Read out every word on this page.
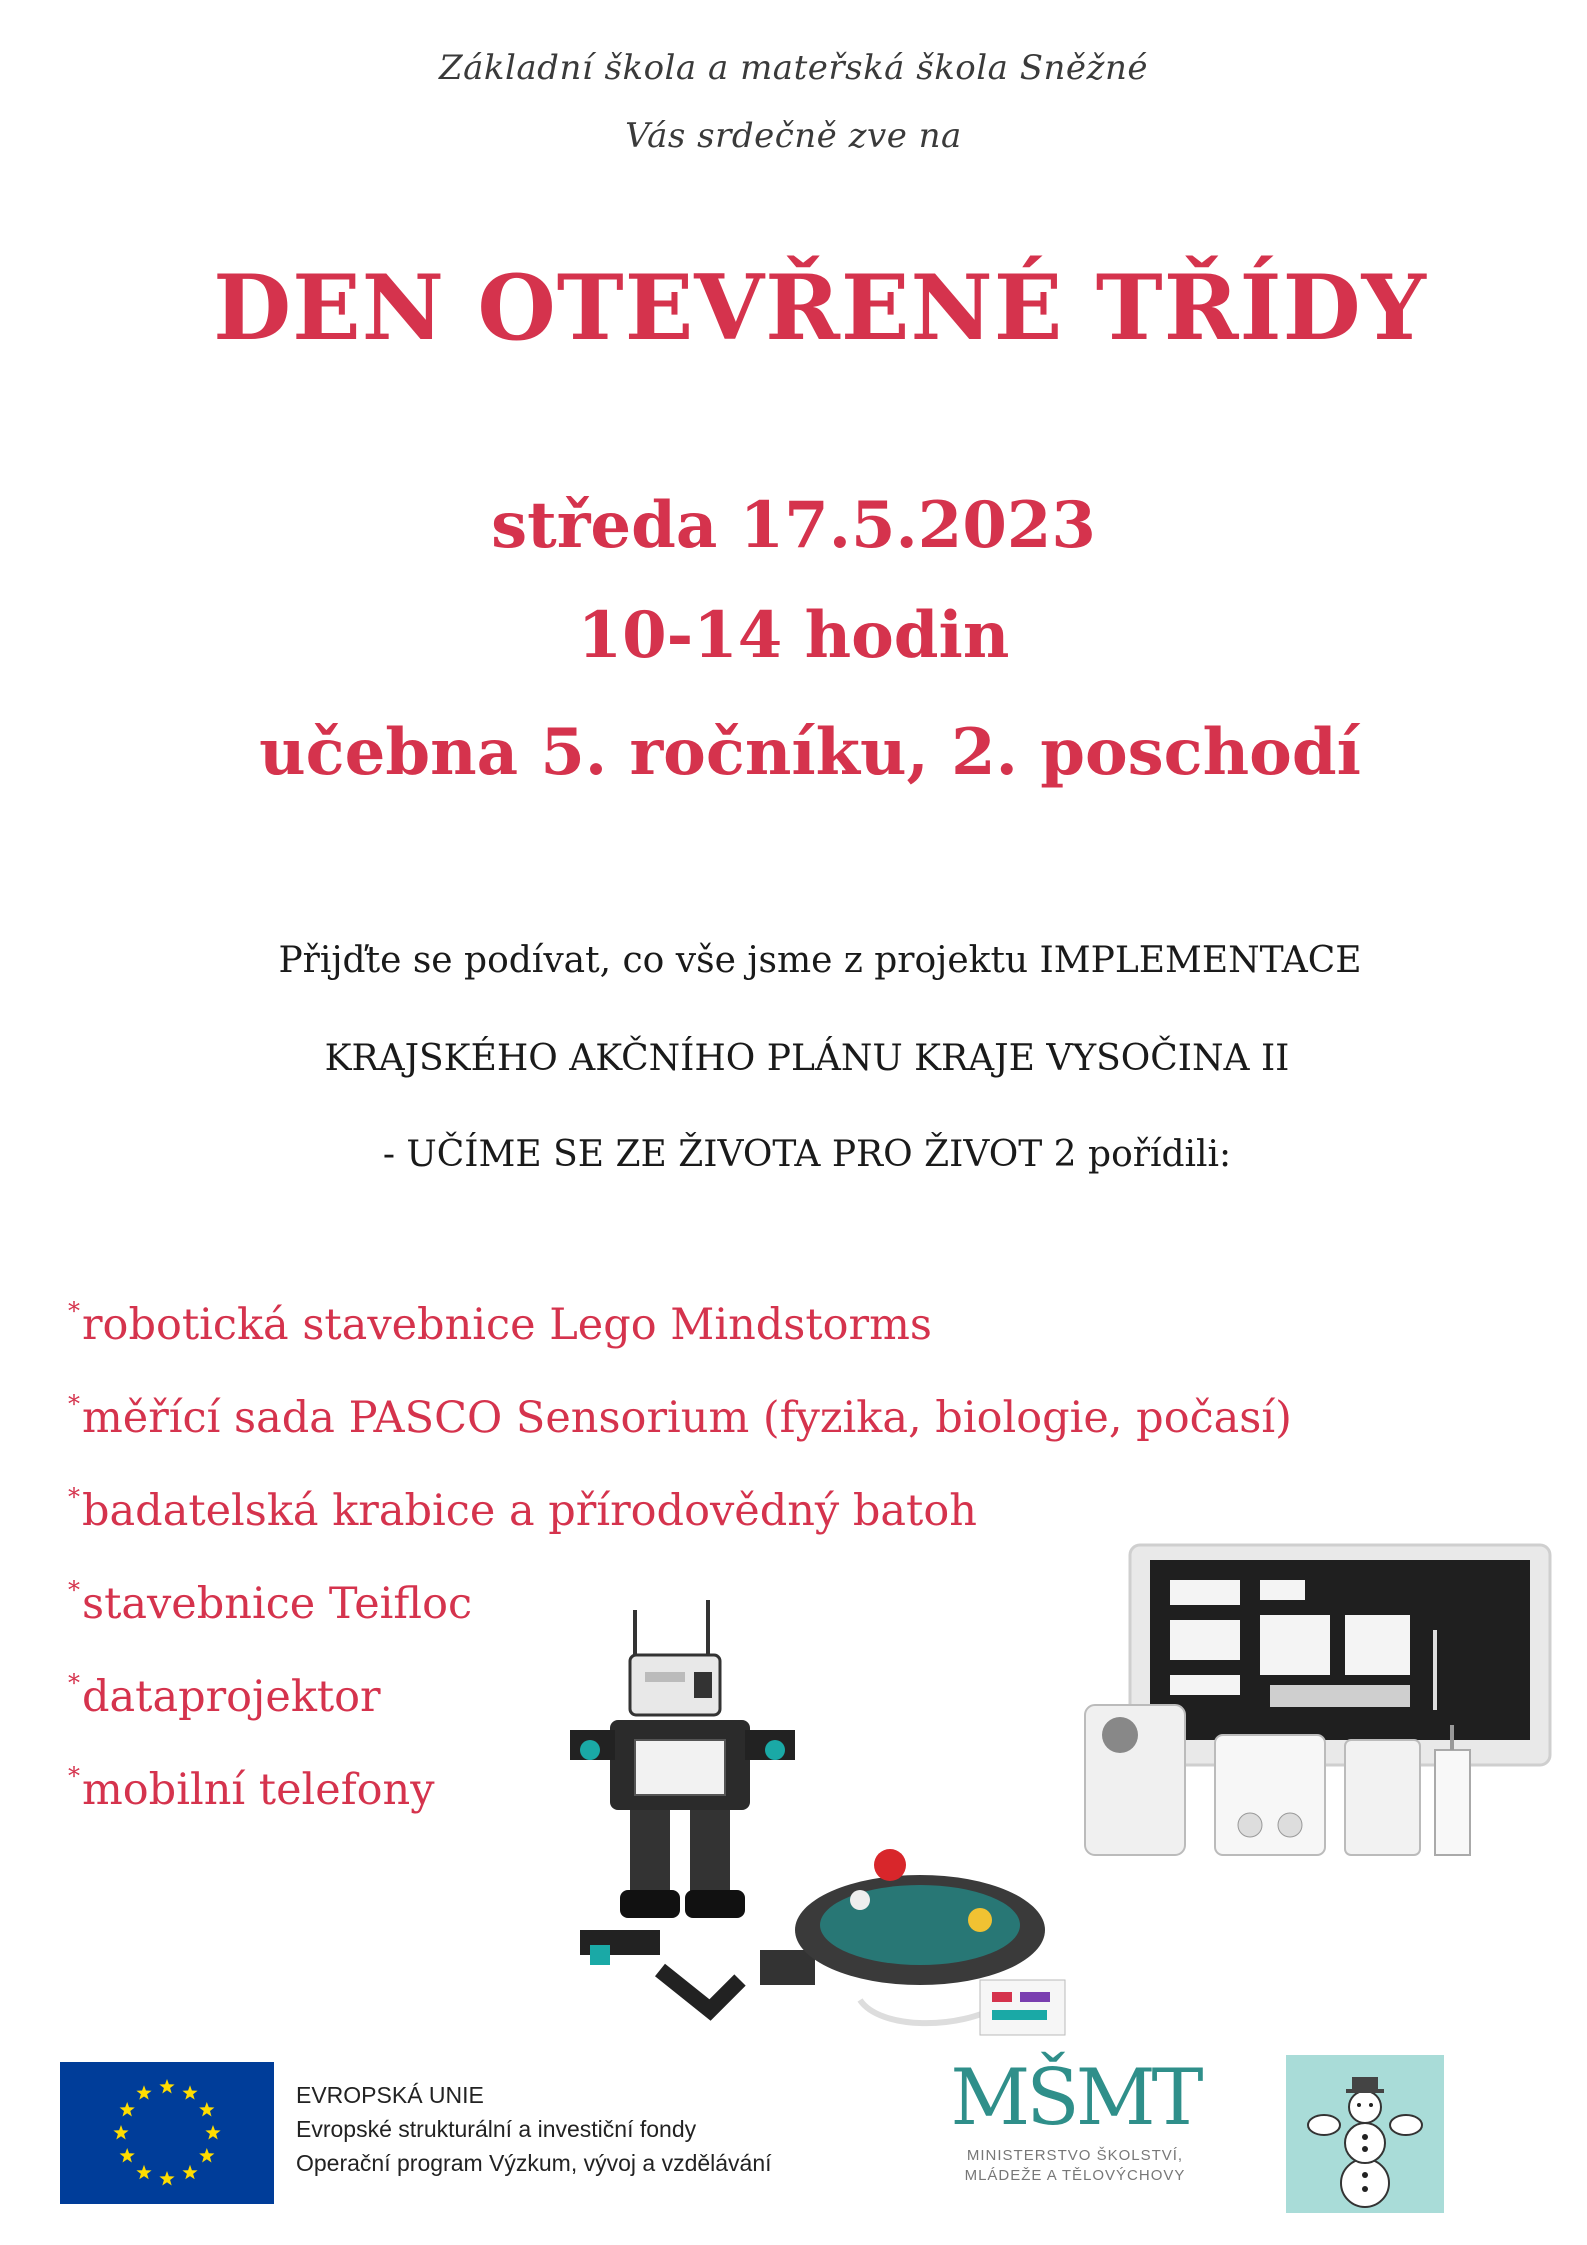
Základní škola a mateřská škola Sněžné
Vás srdečně zve na
DEN OTEVŘENÉ TŘÍDY
středa 17.5.2023
10-14 hodin
učebna 5. ročníku, 2. poschodí
Přijďte se podívat, co vše jsme z projektu IMPLEMENTACE
KRAJSKÉHO AKČNÍHO PLÁNU KRAJE VYSOČINA II
- UČÍME SE ZE ŽIVOTA PRO ŽIVOT 2 pořídili:
*robotická stavebnice Lego Mindstorms
*měřící sada PASCO Sensorium (fyzika, biologie, počasí)
*badatelská krabice a přírodovědný batoh
*stavebnice Teifloc
*dataprojektor
*mobilní telefony
EVROPSKÁ UNIE
Evropské strukturální a investiční fondy
Operační program Výzkum, vývoj a vzdělávání
MŠMT
MINISTERSTVO ŠKOLSTVÍ,
MLÁDEŽE A TĚLOVÝCHOVY
